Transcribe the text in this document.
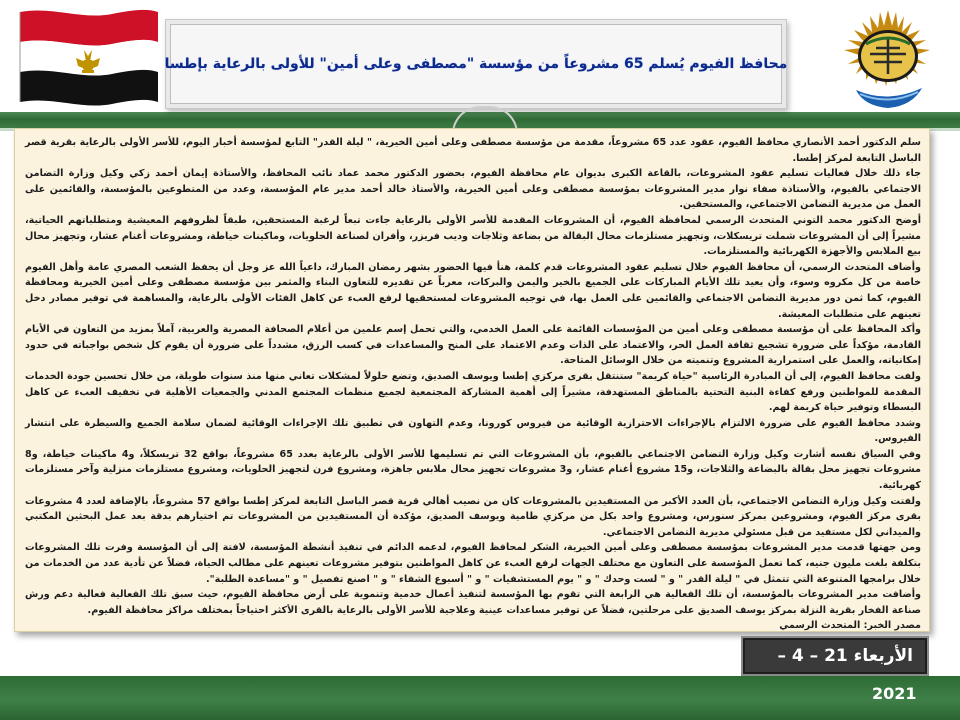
محافظ الفيوم يُسلم 65 مشروعاً من مؤسسة "مصطفى وعلى أمين" للأولى بالرعاية بإطسا

سلم الدكتور أحمد الأنصاري محافظ الفيوم، عقود عدد 65 مشروعاً، مقدمة من مؤسسة مصطفى وعلى أمين الخيرية، " ليلة القدر" التابع لمؤسسة أخبار اليوم، للأسر الأولى بالرعاية بقرية قصر الباسل التابعة لمركز إطسا.

جاء ذلك خلال فعاليات تسليم عقود المشروعات، بالقاعة الكبرى بديوان عام محافظة الفيوم، بحضور الدكتور محمد عماد نائب المحافظ، والأستاذة إيمان أحمد زكي وكيل وزارة التضامن الاجتماعي بالفيوم، والأستاذة صفاء نوار مدير المشروعات بمؤسسة مصطفى وعلى أمين الخيرية، والأستاذ خالد أحمد مدير عام المؤسسة، وعدد من المتطوعين بالمؤسسة، والقائمين على العمل من مديرية التضامن الاجتماعي، والمستحقين.

أوضح الدكتور محمد التوني المتحدث الرسمي لمحافظة الفيوم، أن المشروعات المقدمة للأسر الأولى بالرعاية جاءت تبعاً لرغبة المستحقين، طبقاً لظروفهم المعيشية ومتطلباتهم الحياتية، مشيراً إلى أن المشروعات شملت تريسكلات، وتجهيز مستلزمات محال البقالة من بضاعة وثلاجات وديب فريزر، وأفران لصناعة الحلويات، وماكينات خياطة، ومشروعات أغنام عشار، وتجهيز محال بيع الملابس والأجهزة الكهربائية والمستلزمات.

وأضاف المتحدث الرسمي، أن محافظ الفيوم خلال تسليم عقود المشروعات قدم كلمة، هنأ فيها الحضور بشهر رمضان المبارك، داعياً الله عز وجل أن يحفظ الشعب المصري عامة وأهل الفيوم خاصة من كل مكروه وسوء، وأن يعيد تلك الأيام المباركات على الجميع بالخير واليمن والبركات، معرباً عن تقديره للتعاون البناء والمثمر بين مؤسسة مصطفى وعلى أمين الخيرية ومحافظة الفيوم، كما ثمن دور مديرية التضامن الاجتماعي والقائمين على العمل بها، في توجيه المشروعات لمستحقيها لرفع العبء عن كاهل الفئات الأولى بالرعاية، والمساهمة في توفير مصادر دخل تعينهم على متطلبات المعيشة.

وأكد المحافظ على أن مؤسسة مصطفى وعلى أمين من المؤسسات القائمة على العمل الخدمي، والتي تحمل إسم علمين من أعلام الصحافة المصرية والعربية، آملاً بمزيد من التعاون في الأيام القادمة، مؤكداً على ضرورة تشجيع ثقافة العمل الحر، والاعتماد على الذات وعدم الاعتماد على المنح والمساعدات في كسب الرزق، مشدداً على ضرورة أن يقوم كل شخص بواجباته في حدود إمكانياته، والعمل على استمرارية المشروع وتنميته من خلال الوسائل المتاحة.

ولفت محافظ الفيوم، إلى أن المبادرة الرئاسية "حياة كريمة" ستنتقل بقرى مركزي إطسا ويوسف الصديق، وتضع حلولاً لمشكلات تعاني منها منذ سنوات طويلة، من خلال تحسين جودة الخدمات المقدمة للمواطنين ورفع كفاءة البنية التحتية بالمناطق المستهدفة، مشيراً إلى أهمية المشاركة المجتمعية لجميع منظمات المجتمع المدني والجمعيات الأهلية في تخفيف العبء عن كاهل البسطاء وتوفير حياة كريمة لهم.

وشدد محافظ الفيوم على ضرورة الالتزام بالإجراءات الاحترازية الوقائية من فيروس كورونا، وعدم التهاون في تطبيق تلك الإجراءات الوقائية لضمان سلامة الجميع والسيطرة على انتشار الفيروس.

وفي السياق نفسه أشارت وكيل وزارة التضامن الاجتماعي بالفيوم، بأن المشروعات التي تم تسليمها للأسر الأولى بالرعاية بعدد 65 مشروعاً، بواقع 32 تريسكلاً، و4 ماكينات خياطة، و8 مشروعات تجهيز محل بقالة بالبضاعة والثلاجات، و15 مشروع أغنام عشار، و3 مشروعات تجهيز محال ملابس جاهزة، ومشروع فرن لتجهيز الحلويات، ومشروع مستلزمات منزلية وآخر مستلزمات كهربائية.

ولفتت وكيل وزارة التضامن الاجتماعي، بأن العدد الأكبر من المستفيدين بالمشروعات كان من نصيب أهالي قرية قصر الباسل التابعة لمركز إطسا بواقع 57 مشروعاً، بالإضافة لعدد 4 مشروعات بقرى مركز الفيوم، ومشروعين بمركز سنورس، ومشروع واحد بكل من مركزي طامية ويوسف الصديق، مؤكدة أن المستفيدين من المشروعات تم اختيارهم بدقة بعد عمل البحثين المكتبي والميداني لكل مستفيد من قبل مسئولي مديرية التضامن الاجتماعي.

ومن جهتها قدمت مدير المشروعات بمؤسسة مصطفى وعلى أمين الخيرية، الشكر لمحافظ الفيوم، لدعمه الدائم في تنفيذ أنشطة المؤسسة، لافتة إلى أن المؤسسة وفرت تلك المشروعات بتكلفة بلغت مليون جنيه، كما تعمل المؤسسة على التعاون مع مختلف الجهات لرفع العبء عن كاهل المواطنين بتوفير مشروعات تعينهم على مطالب الحياة، فضلاً عن تأدية عدد من الخدمات من خلال برامجها المتنوعة التي تتمثل في " ليلة القدر " و " لست وحدك " و " يوم المستشفيات " و " أسبوع الشفاء " و " اصنع تفصيل " و "مساعدة الطلبة".

وأضافت مدير المشروعات بالمؤسسة، أن تلك الفعالية هي الرابعة التي تقوم بها المؤسسة لتنفيذ أعمال خدمية وتنموية على أرض محافظة الفيوم، حيث سبق تلك الفعالية فعالية دعم ورش صناعة الفخار بقرية النزلة بمركز يوسف الصديق على مرحلتين، فضلاً عن توفير مساعدات عينية وعلاجية للأسر الأولى بالرعاية بالقرى الأكثر احتياجاً بمختلف مراكز محافظة الفيوم.

مصدر الخبر: المتحدث الرسمي

الأربعاء 21 – 4 –
2021
